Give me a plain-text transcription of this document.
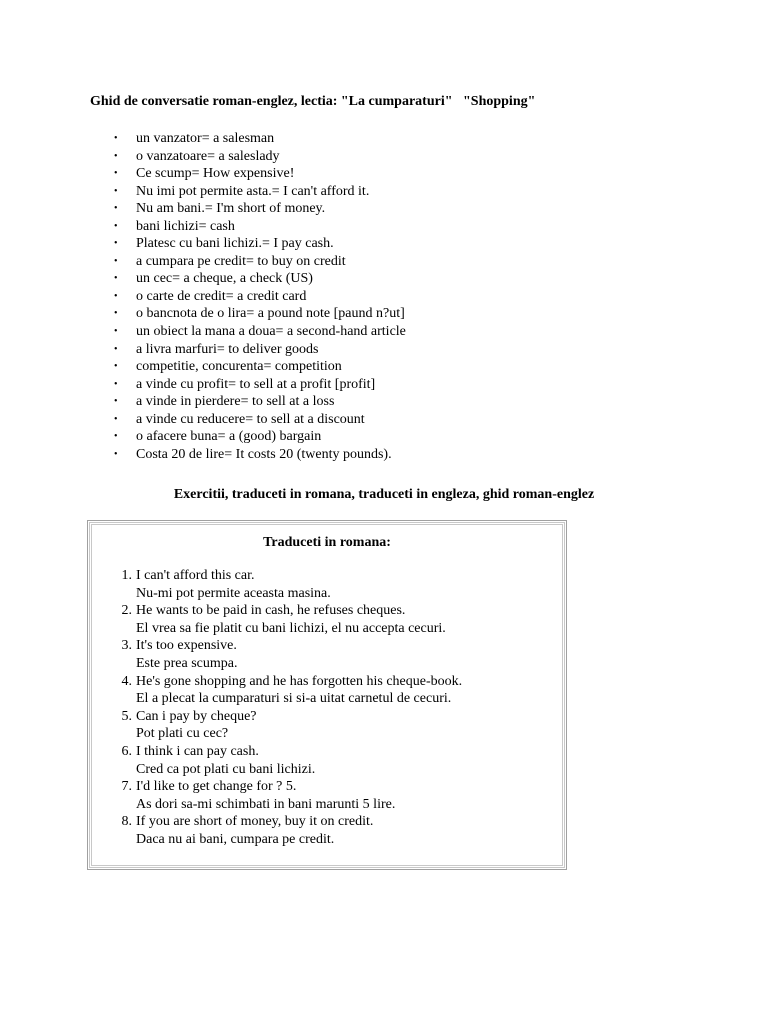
Ghid de conversatie roman-englez, lectia: "La cumparaturi"   "Shopping"
• un vanzator= a salesman
• o vanzatoare= a saleslady
• Ce scump= How expensive!
• Nu imi pot permite asta.= I can't afford it.
• Nu am bani.= I'm short of money.
• bani lichizi= cash
• Platesc cu bani lichizi.= I pay cash.
• a cumpara pe credit= to buy on credit
• un cec= a cheque, a check (US)
• o carte de credit= a credit card
• o bancnota de o lira= a pound note [paund n?ut]
• un obiect la mana a doua= a second-hand article
• a livra marfuri= to deliver goods
• competitie, concurenta= competition
• a vinde cu profit= to sell at a profit [profit]
• a vinde in pierdere= to sell at a loss
• a vinde cu reducere= to sell at a discount
• o afacere buna= a (good) bargain
• Costa 20 de lire= It costs 20 (twenty pounds).
Exercitii, traduceti in romana, traduceti in engleza, ghid roman-englez
Traduceti in romana:
1. I can't afford this car.
Nu-mi pot permite aceasta masina.
2. He wants to be paid in cash, he refuses cheques.
El vrea sa fie platit cu bani lichizi, el nu accepta cecuri.
3. It's too expensive.
Este prea scumpa.
4. He's gone shopping and he has forgotten his cheque-book.
El a plecat la cumparaturi si si-a uitat carnetul de cecuri.
5. Can i pay by cheque?
Pot plati cu cec?
6. I think i can pay cash.
Cred ca pot plati cu bani lichizi.
7. I'd like to get change for ? 5.
As dori sa-mi schimbati in bani marunti 5 lire.
8. If you are short of money, buy it on credit.
Daca nu ai bani, cumpara pe credit.
